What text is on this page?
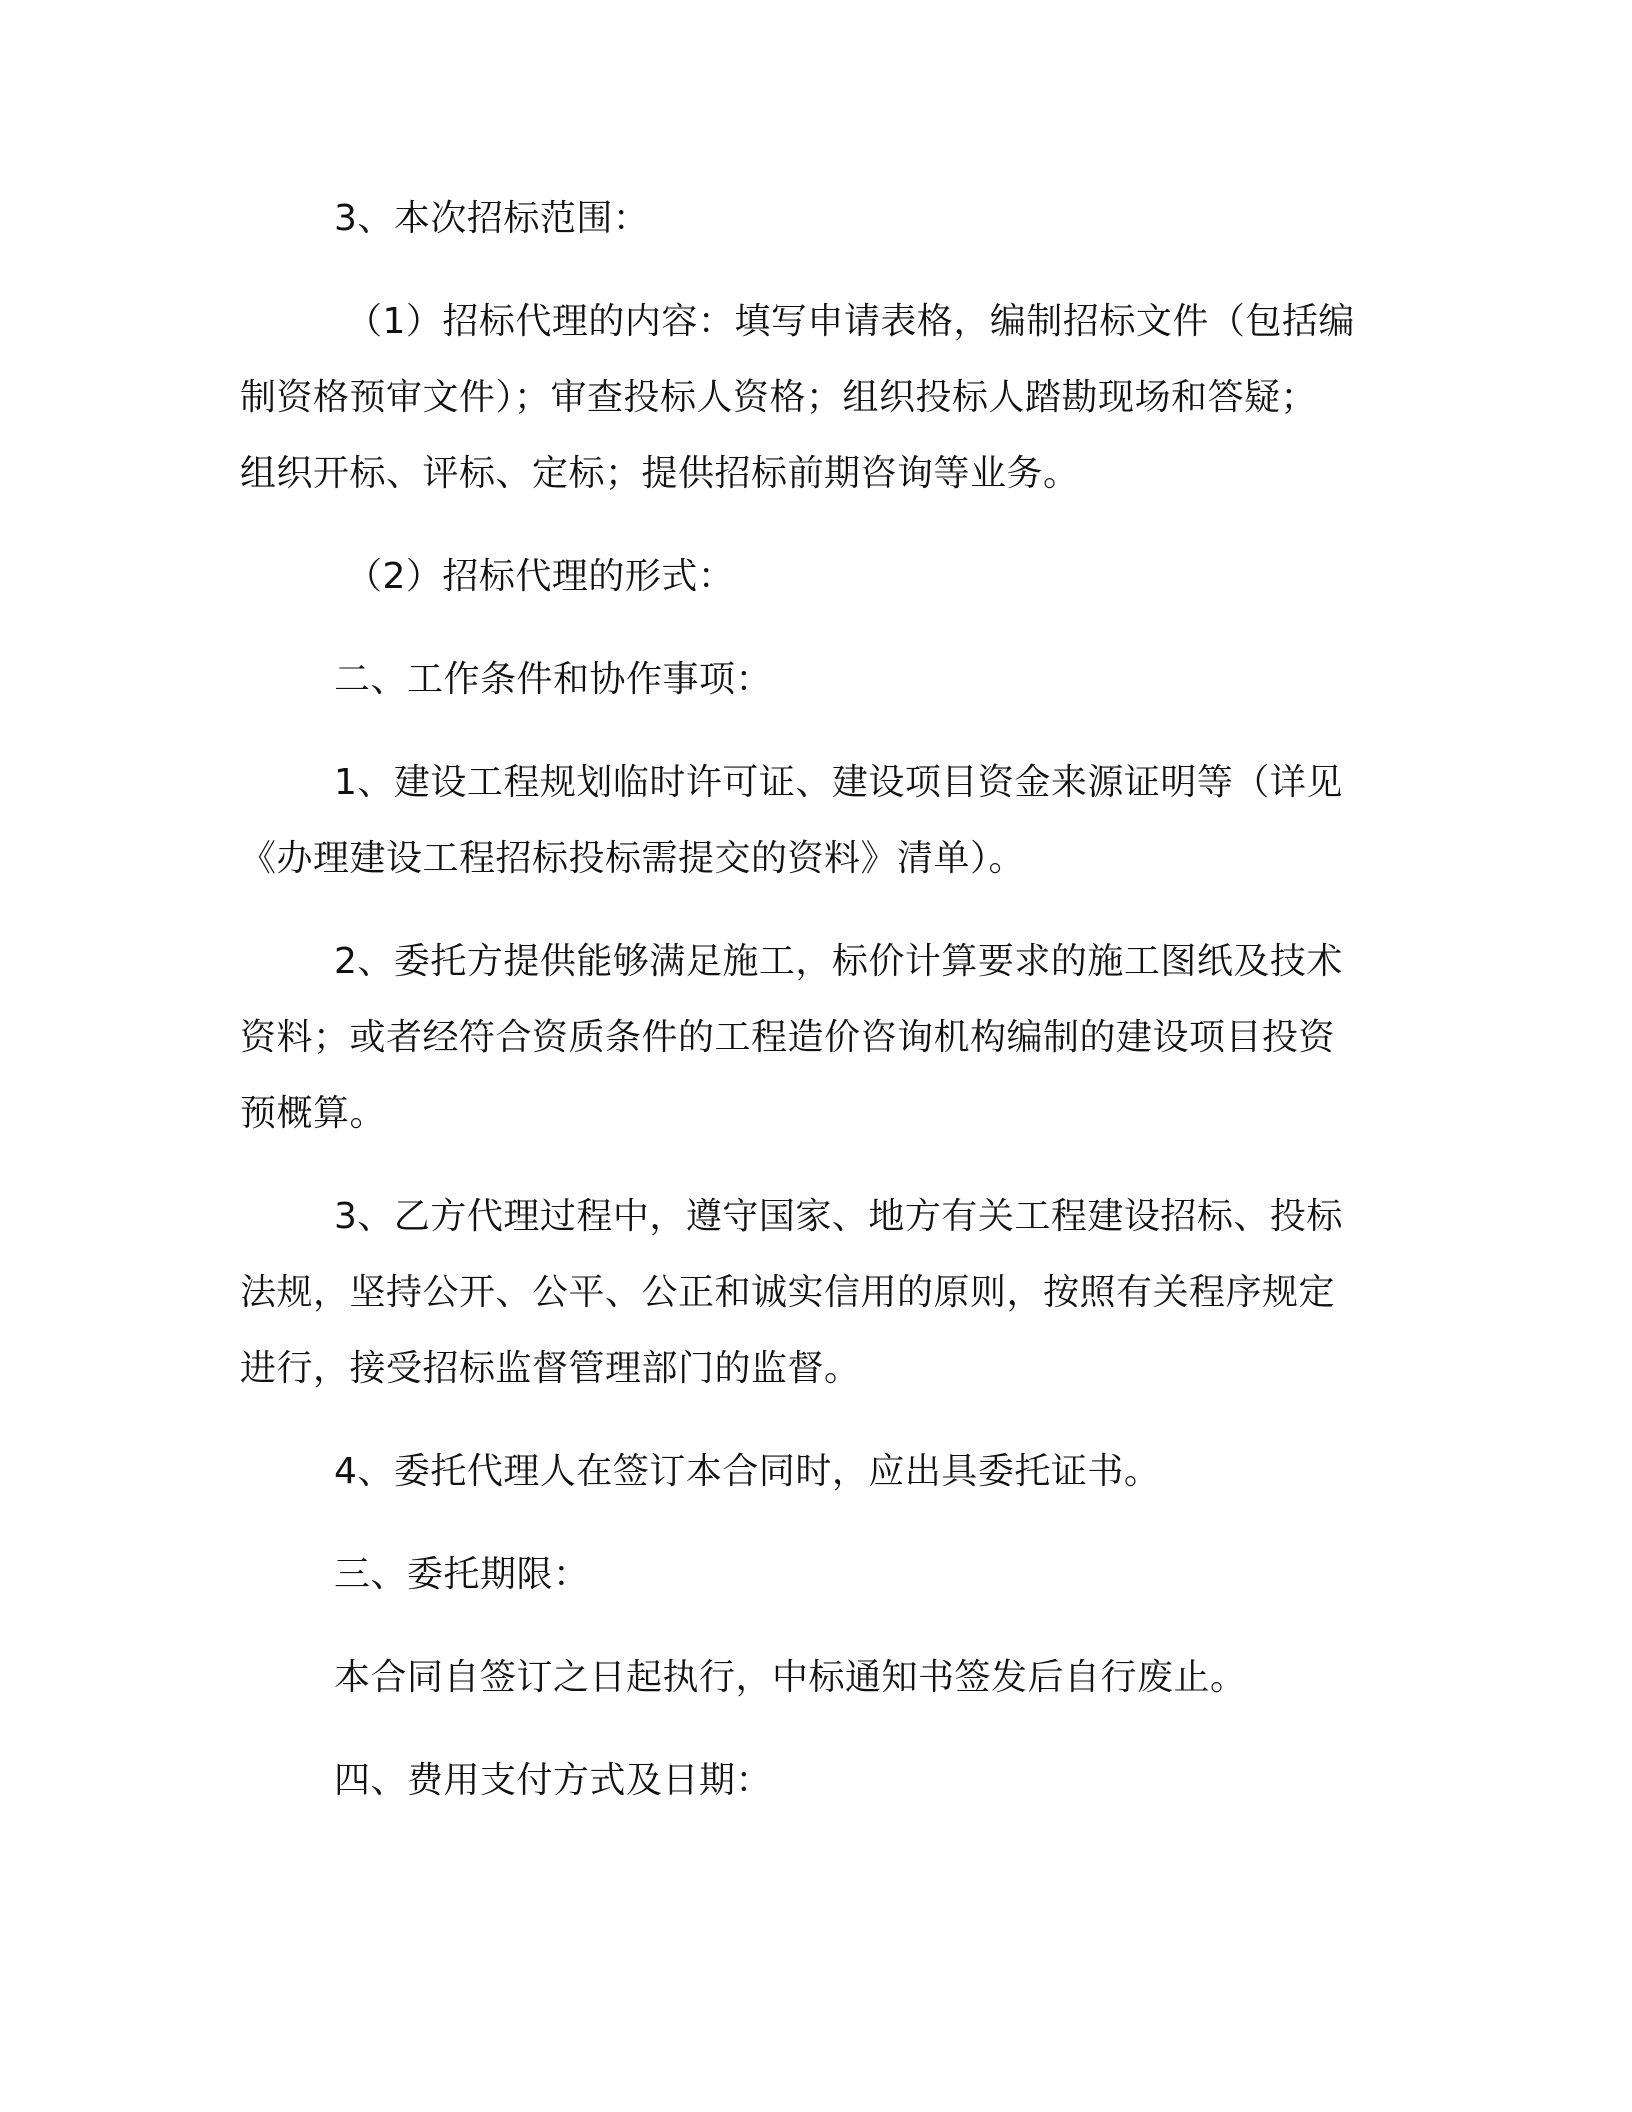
3、本次招标范围：
（1）招标代理的内容：填写申请表格，编制招标文件（包括编
制资格预审文件）；审查投标人资格；组织投标人踏勘现场和答疑；
组织开标、评标、定标；提供招标前期咨询等业务。
（2）招标代理的形式：
二、工作条件和协作事项：
1、建设工程规划临时许可证、建设项目资金来源证明等（详见
《办理建设工程招标投标需提交的资料》清单）。
2、委托方提供能够满足施工，标价计算要求的施工图纸及技术
资料；或者经符合资质条件的工程造价咨询机构编制的建设项目投资
预概算。
3、乙方代理过程中，遵守国家、地方有关工程建设招标、投标
法规，坚持公开、公平、公正和诚实信用的原则，按照有关程序规定
进行，接受招标监督管理部门的监督。
4、委托代理人在签订本合同时，应出具委托证书。
三、委托期限：
本合同自签订之日起执行，中标通知书签发后自行废止。
四、费用支付方式及日期：
